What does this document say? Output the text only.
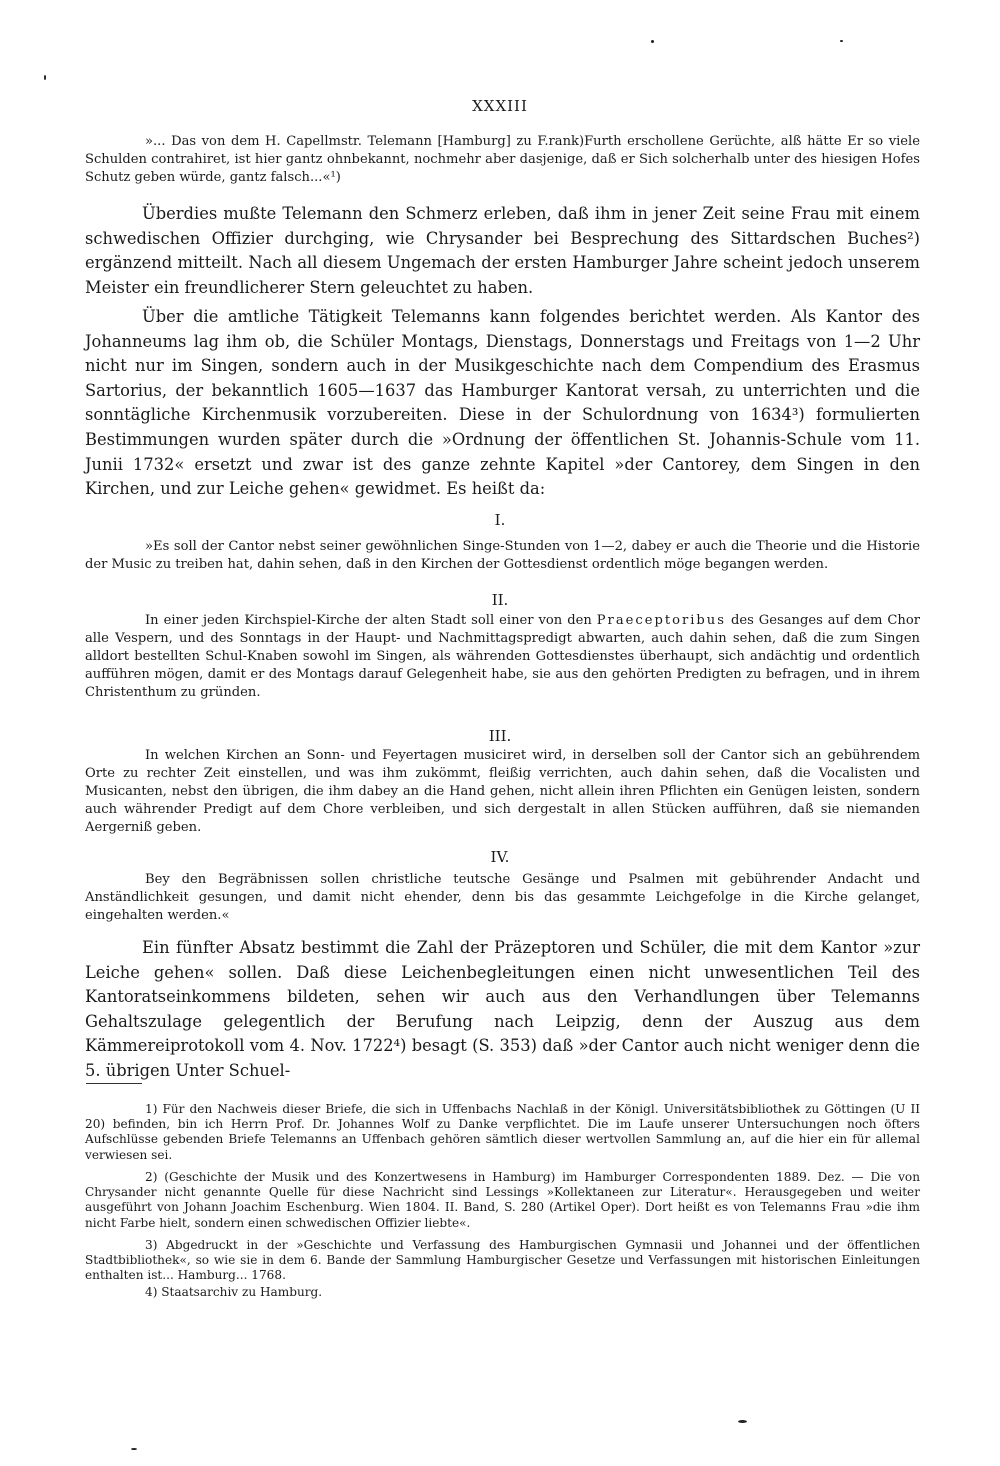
XXXIII
»... Das von dem H. Capellmstr. Telemann [Hamburg] zu F.rank)Furth erschollene Gerüchte, alß hätte Er so viele Schulden contrahiret, ist hier gantz ohnbekannt, nochmehr aber dasjenige, daß er Sich solcherhalb unter des hiesigen Hofes Schutz geben würde, gantz falsch...«¹)
Überdies mußte Telemann den Schmerz erleben, daß ihm in jener Zeit seine Frau mit einem schwedischen Offizier durchging, wie Chrysander bei Besprechung des Sittardschen Buches²) ergänzend mitteilt. Nach all diesem Ungemach der ersten Hamburger Jahre scheint jedoch unserem Meister ein freundlicherer Stern geleuchtet zu haben.
Über die amtliche Tätigkeit Telemanns kann folgendes berichtet werden. Als Kantor des Johanneums lag ihm ob, die Schüler Montags, Dienstags, Donnerstags und Freitags von 1—2 Uhr nicht nur im Singen, sondern auch in der Musikgeschichte nach dem Compendium des Erasmus Sartorius, der bekanntlich 1605—1637 das Hamburger Kantorat versah, zu unterrichten und die sonntägliche Kirchenmusik vorzubereiten. Diese in der Schulordnung von 1634³) formulierten Bestimmungen wurden später durch die »Ordnung der öffentlichen St. Johannis-Schule vom 11. Junii 1732« ersetzt und zwar ist des ganze zehnte Kapitel »der Cantorey, dem Singen in den Kirchen, und zur Leiche gehen« gewidmet. Es heißt da:
I.
»Es soll der Cantor nebst seiner gewöhnlichen Singe-Stunden von 1—2, dabey er auch die Theorie und die Historie der Music zu treiben hat, dahin sehen, daß in den Kirchen der Gottesdienst ordentlich möge begangen werden.
II.
In einer jeden Kirchspiel-Kirche der alten Stadt soll einer von den Praeceptoribus des Gesanges auf dem Chor alle Vespern, und des Sonntags in der Haupt- und Nachmittagspredigt abwarten, auch dahin sehen, daß die zum Singen alldort bestellten Schul-Knaben sowohl im Singen, als währenden Gottesdienstes überhaupt, sich andächtig und ordentlich aufführen mögen, damit er des Montags darauf Gelegenheit habe, sie aus den gehörten Predigten zu befragen, und in ihrem Christenthum zu gründen.
III.
In welchen Kirchen an Sonn- und Feyertagen musiciret wird, in derselben soll der Cantor sich an gebührendem Orte zu rechter Zeit einstellen, und was ihm zukömmt, fleißig verrichten, auch dahin sehen, daß die Vocalisten und Musicanten, nebst den übrigen, die ihm dabey an die Hand gehen, nicht allein ihren Pflichten ein Genügen leisten, sondern auch währender Predigt auf dem Chore verbleiben, und sich dergestalt in allen Stücken aufführen, daß sie niemanden Aergerniß geben.
IV.
Bey den Begräbnissen sollen christliche teutsche Gesänge und Psalmen mit gebührender Andacht und Anständlichkeit gesungen, und damit nicht ehender, denn bis das gesammte Leichgefolge in die Kirche gelanget, eingehalten werden.«
Ein fünfter Absatz bestimmt die Zahl der Präzeptoren und Schüler, die mit dem Kantor »zur Leiche gehen« sollen. Daß diese Leichenbegleitungen einen nicht unwesentlichen Teil des Kantoratseinkommens bildeten, sehen wir auch aus den Verhandlungen über Telemanns Gehaltszulage gelegentlich der Berufung nach Leipzig, denn der Auszug aus dem Kämmereiprotokoll vom 4. Nov. 1722⁴) besagt (S. 353) daß »der Cantor auch nicht weniger denn die 5. übrigen Unter Schuel-
1) Für den Nachweis dieser Briefe, die sich in Uffenbachs Nachlaß in der Königl. Universitätsbibliothek zu Göttingen (U II 20) befinden, bin ich Herrn Prof. Dr. Johannes Wolf zu Danke verpflichtet. Die im Laufe unserer Untersuchungen noch öfters Aufschlüsse gebenden Briefe Telemanns an Uffenbach gehören sämtlich dieser wertvollen Sammlung an, auf die hier ein für allemal verwiesen sei.
2) (Geschichte der Musik und des Konzertwesens in Hamburg) im Hamburger Correspondenten 1889. Dez. — Die von Chrysander nicht genannte Quelle für diese Nachricht sind Lessings »Kollektaneen zur Literatur«. Herausgegeben und weiter ausgeführt von Johann Joachim Eschenburg. Wien 1804. II. Band, S. 280 (Artikel Oper). Dort heißt es von Telemanns Frau »die ihm nicht Farbe hielt, sondern einen schwedischen Offizier liebte«.
3) Abgedruckt in der »Geschichte und Verfassung des Hamburgischen Gymnasii und Johannei und der öffentlichen Stadtbibliothek«, so wie sie in dem 6. Bande der Sammlung Hamburgischer Gesetze und Verfassungen mit historischen Einleitungen enthalten ist... Hamburg... 1768.
4) Staatsarchiv zu Hamburg.
